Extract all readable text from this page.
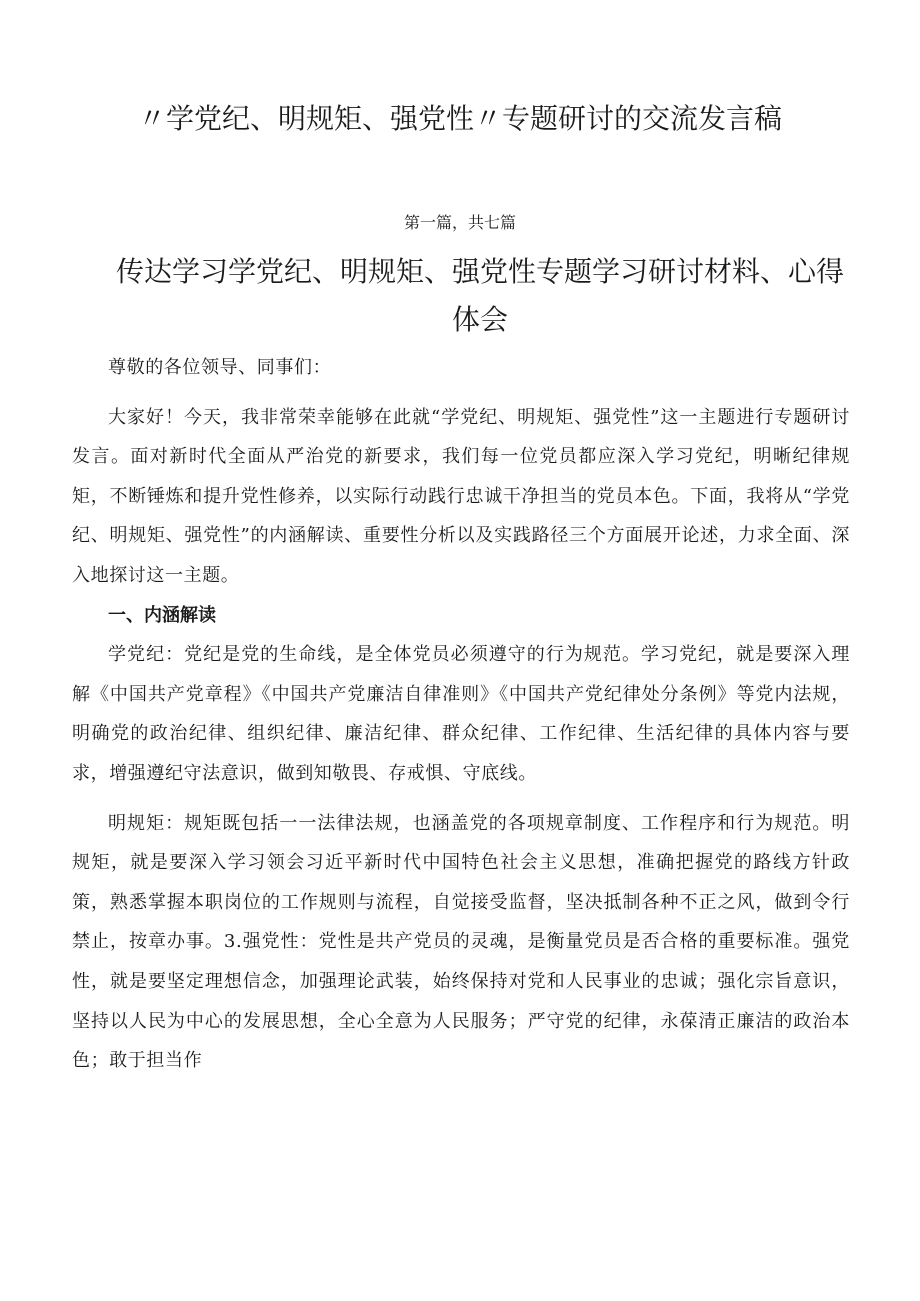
〃学党纪、明规矩、强党性〃专题研讨的交流发言稿
第一篇，共七篇
传达学习学党纪、明规矩、强党性专题学习研讨材料、心得体会

尊敬的各位领导、同事们：

大家好！今天，我非常荣幸能够在此就“学党纪、明规矩、强党性”这一主题进行专题研讨发言。面对新时代全面从严治党的新要求，我们每一位党员都应深入学习党纪，明晰纪律规矩，不断锤炼和提升党性修养，以实际行动践行忠诚干净担当的党员本色。下面，我将从“学党纪、明规矩、强党性”的内涵解读、重要性分析以及实践路径三个方面展开论述，力求全面、深入地探讨这一主题。

一、内涵解读

学党纪：党纪是党的生命线，是全体党员必须遵守的行为规范。学习党纪，就是要深入理解《中国共产党章程》《中国共产党廉洁自律准则》《中国共产党纪律处分条例》等党内法规，明确党的政治纪律、组织纪律、廉洁纪律、群众纪律、工作纪律、生活纪律的具体内容与要求，增强遵纪守法意识，做到知敬畏、存戒惧、守底线。

明规矩：规矩既包括一一法律法规，也涵盖党的各项规章制度、工作程序和行为规范。明规矩，就是要深入学习领会习近平新时代中国特色社会主义思想，准确把握党的路线方针政策，熟悉掌握本职岗位的工作规则与流程，自觉接受监督，坚决抵制各种不正之风，做到令行禁止，按章办事。3.强党性：党性是共产党员的灵魂，是衡量党员是否合格的重要标准。强党性，就是要坚定理想信念，加强理论武装，始终保持对党和人民事业的忠诚；强化宗旨意识，坚持以人民为中心的发展思想，全心全意为人民服务；严守党的纪律，永葆清正廉洁的政治本色；敢于担当作
